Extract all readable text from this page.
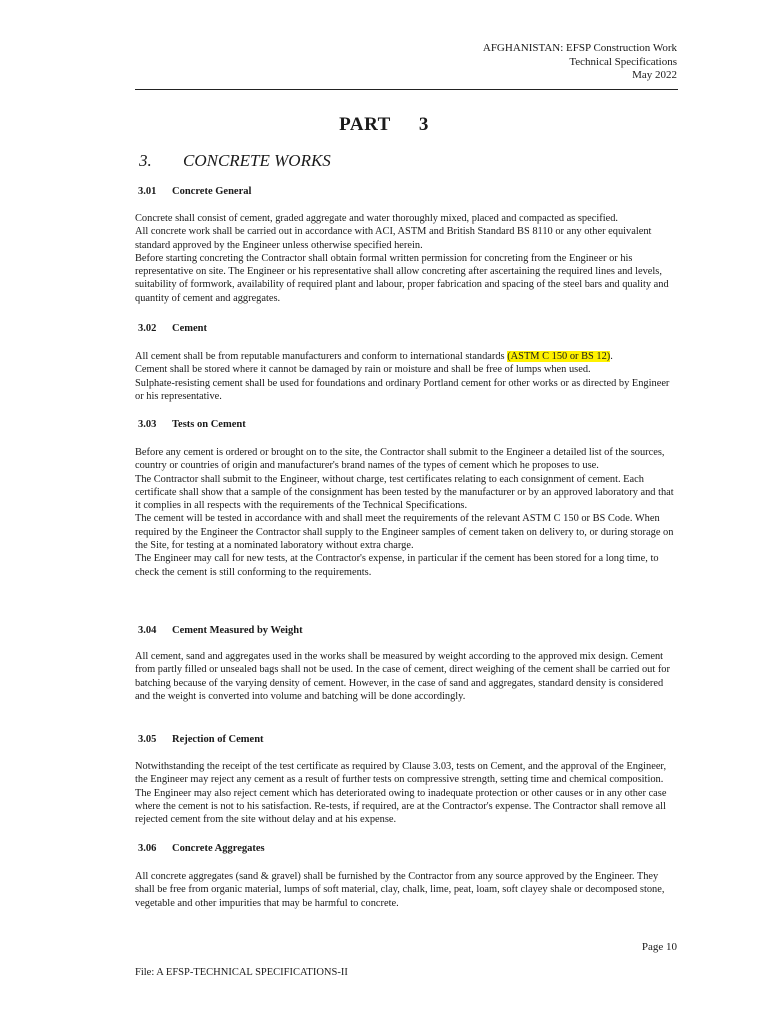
AFGHANISTAN: EFSP Construction Work
Technical Specifications
May 2022
PART 3
3. CONCRETE WORKS
3.01 Concrete General

Concrete shall consist of cement, graded aggregate and water thoroughly mixed, placed and compacted as specified.

All concrete work shall be carried out in accordance with ACI, ASTM and British Standard BS 8110 or any other equivalent standard approved by the Engineer unless otherwise specified herein.

Before starting concreting the Contractor shall obtain formal written permission for concreting from the Engineer or his representative on site. The Engineer or his representative shall allow concreting after ascertaining the required lines and levels, suitability of formwork, availability of required plant and labour, proper fabrication and spacing of the steel bars and quality and quantity of cement and aggregates.

3.02 Cement

All cement shall be from reputable manufacturers and conform to international standards (ASTM C 150 or BS 12).

Cement shall be stored where it cannot be damaged by rain or moisture and shall be free of lumps when used.

Sulphate-resisting cement shall be used for foundations and ordinary Portland cement for other works or as directed by Engineer or his representative.

3.03 Tests on Cement

Before any cement is ordered or brought on to the site, the Contractor shall submit to the Engineer a detailed list of the sources, country or countries of origin and manufacturer's brand names of the types of cement which he proposes to use.

The Contractor shall submit to the Engineer, without charge, test certificates relating to each consignment of cement. Each certificate shall show that a sample of the consignment has been tested by the manufacturer or by an approved laboratory and that it complies in all respects with the requirements of the Technical Specifications.

The cement will be tested in accordance with and shall meet the requirements of the relevant ASTM C 150 or BS Code. When required by the Engineer the Contractor shall supply to the Engineer samples of cement taken on delivery to, or during storage on the Site, for testing at a nominated laboratory without extra charge.

The Engineer may call for new tests, at the Contractor's expense, in particular if the cement has been stored for a long time, to check the cement is still conforming to the requirements.

3.04 Cement Measured by Weight

All cement, sand and aggregates used in the works shall be measured by weight according to the approved mix design. Cement from partly filled or unsealed bags shall not be used. In the case of cement, direct weighing of the cement shall be carried out for batching because of the varying density of cement. However, in the case of sand and aggregates, standard density is considered and the weight is converted into volume and batching will be done accordingly.

3.05 Rejection of Cement

Notwithstanding the receipt of the test certificate as required by Clause 3.03, tests on Cement, and the approval of the Engineer, the Engineer may reject any cement as a result of further tests on compressive strength, setting time and chemical composition. The Engineer may also reject cement which has deteriorated owing to inadequate protection or other causes or in any other case where the cement is not to his satisfaction. Re-tests, if required, are at the Contractor's expense. The Contractor shall remove all rejected cement from the site without delay and at his expense.

3.06 Concrete Aggregates

All concrete aggregates (sand & gravel) shall be furnished by the Contractor from any source approved by the Engineer. They shall be free from organic material, lumps of soft material, clay, chalk, lime, peat, loam, soft clayey shale or decomposed stone, vegetable and other impurities that may be harmful to concrete.

Page 10
File: A EFSP-TECHNICAL SPECIFICATIONS-II
